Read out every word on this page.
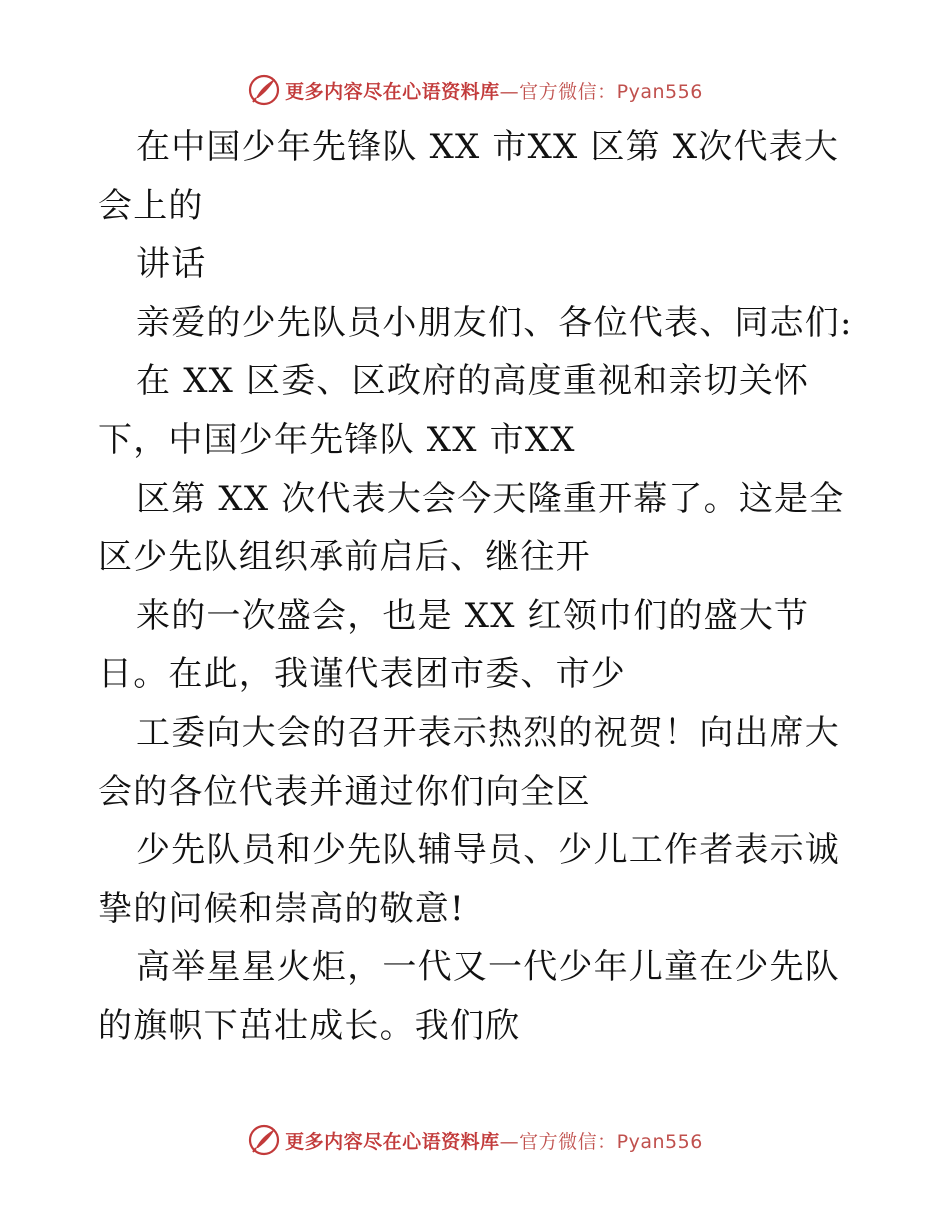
更多内容尽在心语资料库—官方微信：Pyan556

在中国少年先锋队 XX 市XX 区第 X次代表大会上的

讲话

亲爱的少先队员小朋友们、各位代表、同志们:

在 XX 区委、区政府的高度重视和亲切关怀下，中国少年先锋队 XX 市XX

区第 XX 次代表大会今天隆重开幕了。这是全区少先队组织承前启后、继往开

来的一次盛会，也是 XX 红领巾们的盛大节日。在此，我谨代表团市委、市少

工委向大会的召开表示热烈的祝贺！向出席大会的各位代表并通过你们向全区

少先队员和少先队辅导员、少儿工作者表示诚挚的问候和崇高的敬意!

高举星星火炬，一代又一代少年儿童在少先队的旗帜下茁壮成长。我们欣

更多内容尽在心语资料库—官方微信：Pyan556
